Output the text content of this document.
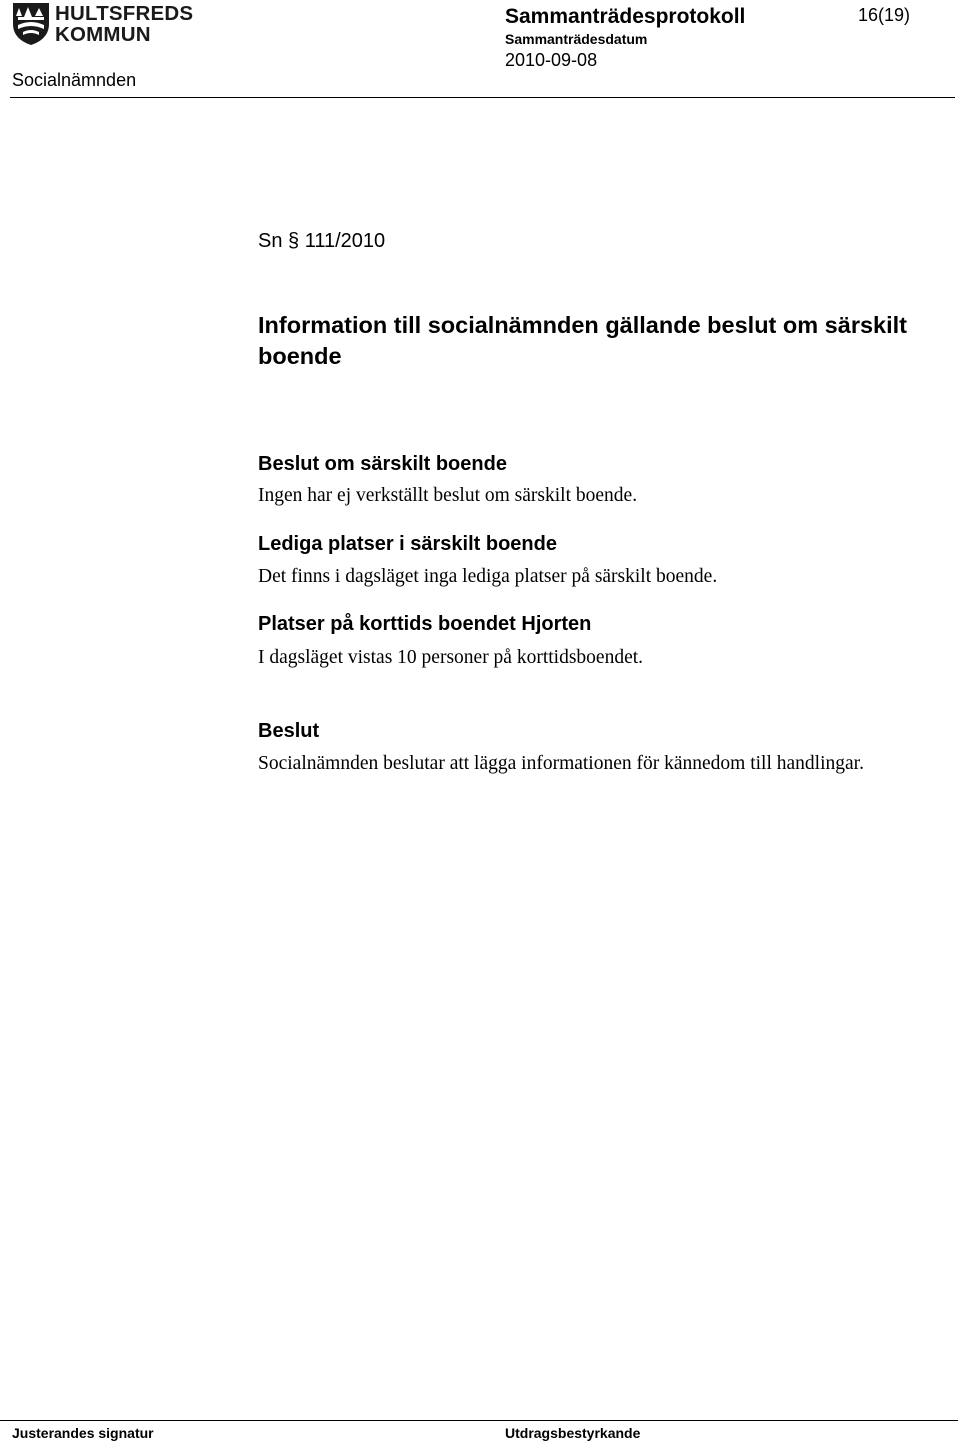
HULTSFREDS
KOMMUN
Socialnämnden
Sammanträdesprotokoll
Sammanträdesdatum
2010-09-08
16(19)
Sn § 111/2010
Information till socialnämnden gällande beslut om särskilt boende
Beslut om särskilt boende
Ingen har ej verkställt beslut om särskilt boende.
Lediga platser i särskilt boende
Det finns i dagsläget inga lediga platser på särskilt boende.
Platser på korttids boendet Hjorten
I dagsläget vistas 10 personer på korttidsboendet.
Beslut
Socialnämnden beslutar att lägga informationen för kännedom till handlingar.
Justerandes signatur	Utdragsbestyrkande
